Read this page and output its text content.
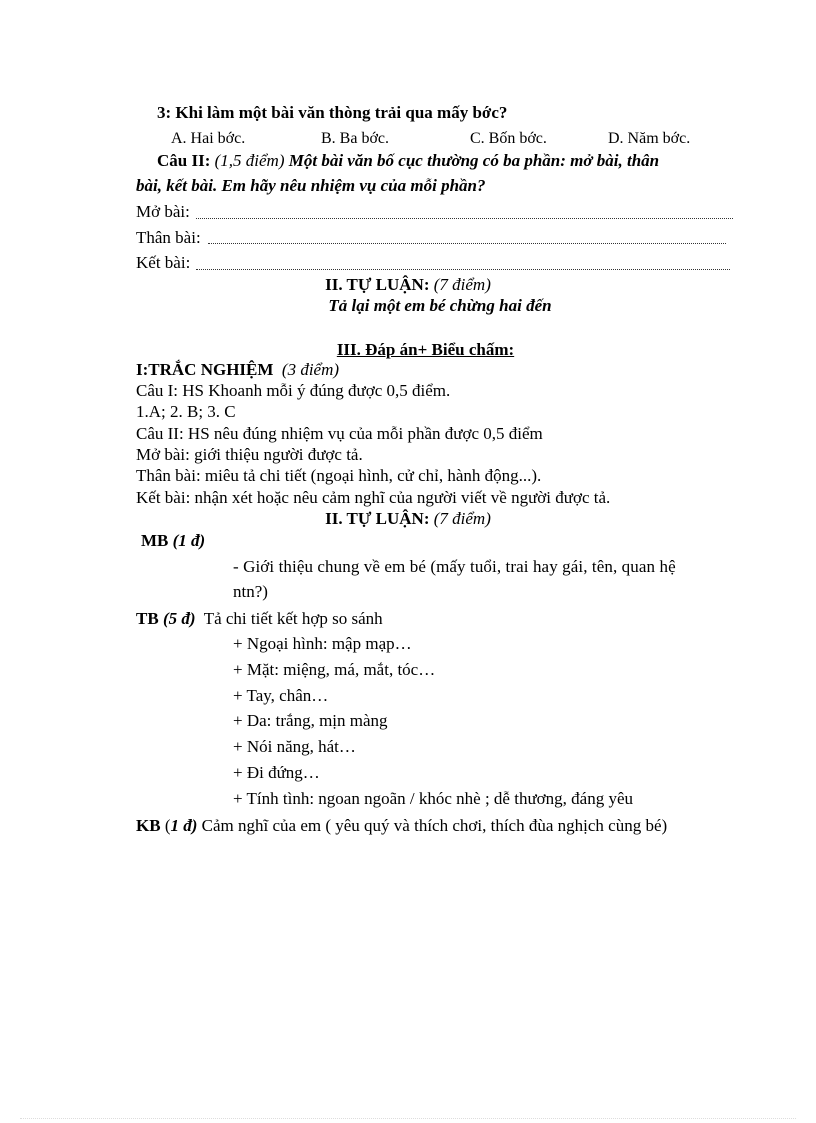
3: Khi làm một bài văn thòng trải qua mấy bớc?
A. Hai bớc.	B. Ba bớc.	C. Bốn bớc.	D. Năm bớc.
Câu II: (1,5 điểm) Một bài văn bố cục thường có ba phần: mở bài, thân
bài, kết bài. Em hãy nêu nhiệm vụ của mỗi phần?
Mở bài:
Thân bài:
Kết bài:
II. TỰ LUẬN: (7 điểm)
Tả lại một em bé chừng hai đến
III. Đáp án+ Biểu chấm:
I:TRẮC NGHIỆM  (3 điểm)
Câu I: HS Khoanh mỗi ý đúng được 0,5 điểm.
1.A; 2. B; 3. C
Câu II: HS nêu đúng nhiệm vụ của mỗi phần được 0,5 điểm
Mở bài: giới thiệu người được tả.
Thân bài: miêu tả chi tiết (ngoại hình, cử chỉ, hành động...).
Kết bài: nhận xét hoặc nêu cảm nghĩ của người viết về người được tả.
II. TỰ LUẬN: (7 điểm)
MB (1 đ)
- Giới thiệu chung về em bé (mấy tuổi, trai hay gái, tên, quan hệ
ntn?)
TB (5 đ)  Tả chi tiết kết hợp so sánh
+ Ngoại hình: mập mạp…
+ Mặt: miệng, má, mắt, tóc…
+ Tay, chân…
+ Da: trắng, mịn màng
+ Nói năng, hát…
+ Đi đứng…
+ Tính tình: ngoan ngoãn / khóc nhè ; dễ thương, đáng yêu
KB (1 đ) Cảm nghĩ của em ( yêu quý và thích chơi, thích đùa nghịch cùng bé)
